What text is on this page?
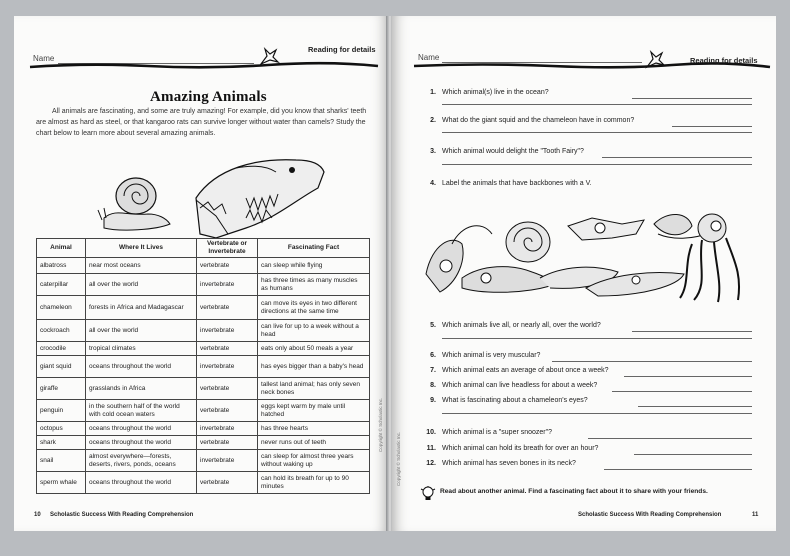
Name
Reading for details
Amazing Animals
All animals are fascinating, and some are truly amazing! For example, did you know that sharks' teeth are almost as hard as steel, or that kangaroo rats can survive longer without water than camels? Study the chart below to learn more about several amazing animals.
Animal	Where It Lives	Vertebrate or Invertebrate	Fascinating Fact
albatross	near most oceans	vertebrate	can sleep while flying
caterpillar	all over the world	invertebrate	has three times as many muscles as humans
chameleon	forests in Africa and Madagascar	vertebrate	can move its eyes in two different directions at the same time
cockroach	all over the world	invertebrate	can live for up to a week without a head
crocodile	tropical climates	vertebrate	eats only about 50 meals a year
giant squid	oceans throughout the world	invertebrate	has eyes bigger than a baby's head
giraffe	grasslands in Africa	vertebrate	tallest land animal; has only seven neck bones
penguin	in the southern half of the world with cold ocean waters	vertebrate	eggs kept warm by male until hatched
octopus	oceans throughout the world	invertebrate	has three hearts
shark	oceans throughout the world	vertebrate	never runs out of teeth
snail	almost everywhere—forests, deserts, rivers, ponds, oceans	invertebrate	can sleep for almost three years without waking up
sperm whale	oceans throughout the world	vertebrate	can hold its breath for up to 90 minutes
10 Scholastic Success With Reading Comprehension
Copyright © Scholastic Inc.
Name	Reading for details
1. Which animal(s) live in the ocean?
2. What do the giant squid and the chameleon have in common?
3. Which animal would delight the "Tooth Fairy"?
4. Label the animals that have backbones with a V.
5. Which animals live all, or nearly all, over the world?
6. Which animal is very muscular?
7. Which animal eats an average of about once a week?
8. Which animal can live headless for about a week?
9. What is fascinating about a chameleon's eyes?
10. Which animal is a "super snoozer"?
11. Which animal can hold its breath for over an hour?
12. Which animal has seven bones in its neck?
Read about another animal. Find a fascinating fact about it to share with your friends.
Scholastic Success With Reading Comprehension	11
Copyright © Scholastic Inc.
